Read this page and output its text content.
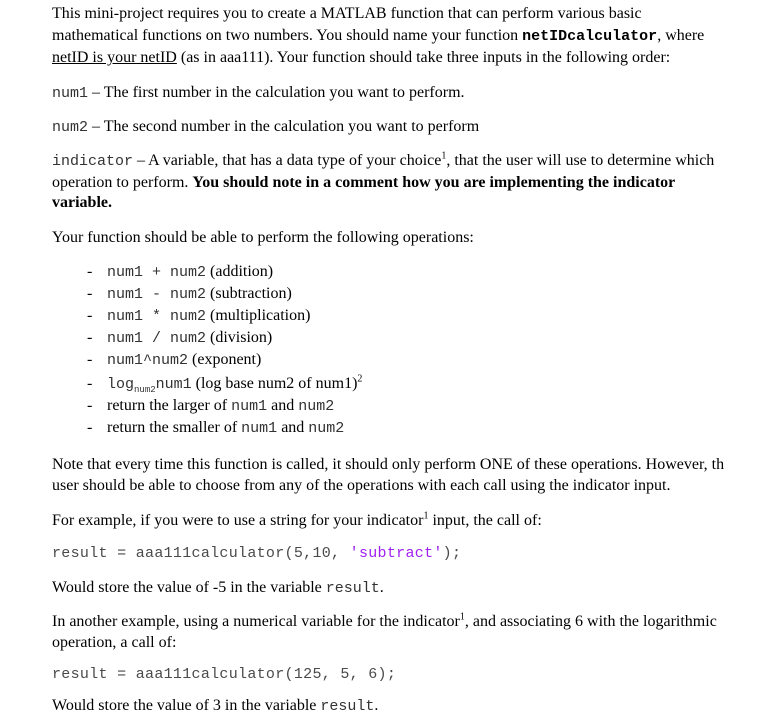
This mini-project requires you to create a MATLAB function that can perform various basic
mathematical functions on two numbers. You should name your function netIDcalculator, where
netID is your netID (as in aaa111). Your function should take three inputs in the following order:
num1 – The first number in the calculation you want to perform.
num2 – The second number in the calculation you want to perform
indicator – A variable, that has a data type of your choice$^1$, that the user will use to determine which
operation to perform. You should note in a comment how you are implementing the indicator
variable.
Your function should be able to perform the following operations:
- num1 + num2 (addition)
- num1 - num2 (subtraction)
- num1 * num2 (multiplication)
- num1 / num2 (division)
- num1^num2 (exponent)
- $\log_{num2}num1$ (log base num2 of num1)$^2$
- return the larger of num1 and num2
- return the smaller of num1 and num2
Note that every time this function is called, it should only perform ONE of these operations. However, th
user should be able to choose from any of the operations with each call using the indicator input.
For example, if you were to use a string for your indicator$^1$ input, the call of:
result = aaa111calculator(5,10, 'subtract');
Would store the value of -5 in the variable result.
In another example, using a numerical variable for the indicator$^1$, and associating 6 with the logarithmic
operation, a call of:
result = aaa111calculator(125, 5, 6);
Would store the value of 3 in the variable result.
